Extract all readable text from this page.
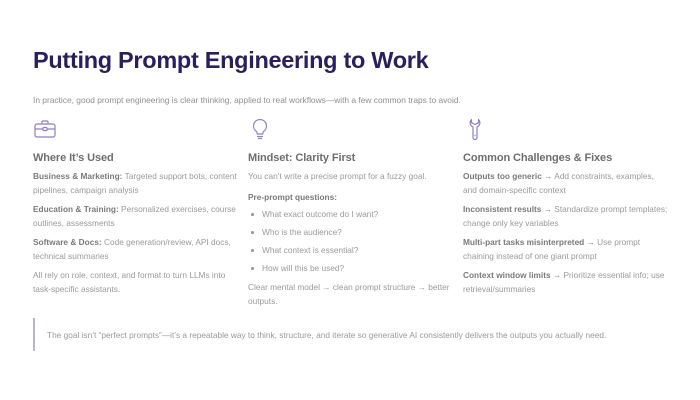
Putting Prompt Engineering to Work
In practice, good prompt engineering is clear thinking, applied to real workflows—with a few common traps to avoid.
Where It’s Used
Business & Marketing: Targeted support bots, content pipelines, campaign analysis
Education & Training: Personalized exercises, course outlines, assessments
Software & Docs: Code generation/review, API docs, technical summaries
All rely on role, context, and format to turn LLMs into task-specific assistants.
Mindset: Clarity First
You can’t write a precise prompt for a fuzzy goal.
Pre-prompt questions:
What exact outcome do I want?
Who is the audience?
What context is essential?
How will this be used?
Clear mental model → clean prompt structure → better outputs.
Common Challenges & Fixes
Outputs too generic → Add constraints, examples, and domain-specific context
Inconsistent results → Standardize prompt templates; change only key variables
Multi-part tasks misinterpreted → Use prompt chaining instead of one giant prompt
Context window limits → Prioritize essential info; use retrieval/summaries
The goal isn’t “perfect prompts”—it’s a repeatable way to think, structure, and iterate so generative AI consistently delivers the outputs you actually need.
